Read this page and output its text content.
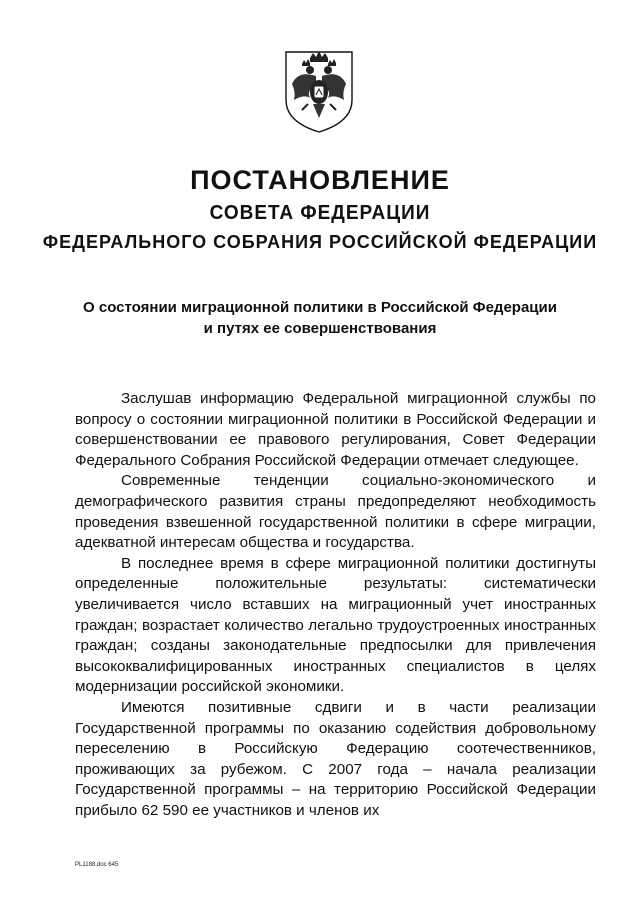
ПОСТАНОВЛЕНИЕ
СОВЕТА ФЕДЕРАЦИИ
ФЕДЕРАЛЬНОГО СОБРАНИЯ РОССИЙСКОЙ ФЕДЕРАЦИИ
О состоянии миграционной политики в Российской Федерации
и путях ее совершенствования

Заслушав информацию Федеральной миграционной службы по вопросу о состоянии миграционной политики в Российской Федерации и совершенствовании ее правового регулирования, Совет Федерации Федерального Собрания Российской Федерации отмечает следующее.

Современные тенденции социально-экономического и демографического развития страны предопределяют необходимость проведения взвешенной государственной политики в сфере миграции, адекватной интересам общества и государства.

В последнее время в сфере миграционной политики достигнуты определенные положительные результаты: систематически увеличивается число вставших на миграционный учет иностранных граждан; возрастает количество легально трудоустроенных иностранных граждан; созданы законодательные предпосылки для привлечения высококвалифицированных иностранных специалистов в целях модернизации российской экономики.

Имеются позитивные сдвиги и в части реализации Государственной программы по оказанию содействия добровольному переселению в Российскую Федерацию соотечественников, проживающих за рубежом. С 2007 года – начала реализации Государственной программы – на территорию Российской Федерации прибыло 62 590 ее участников и членов их

PL1188.doc 645
